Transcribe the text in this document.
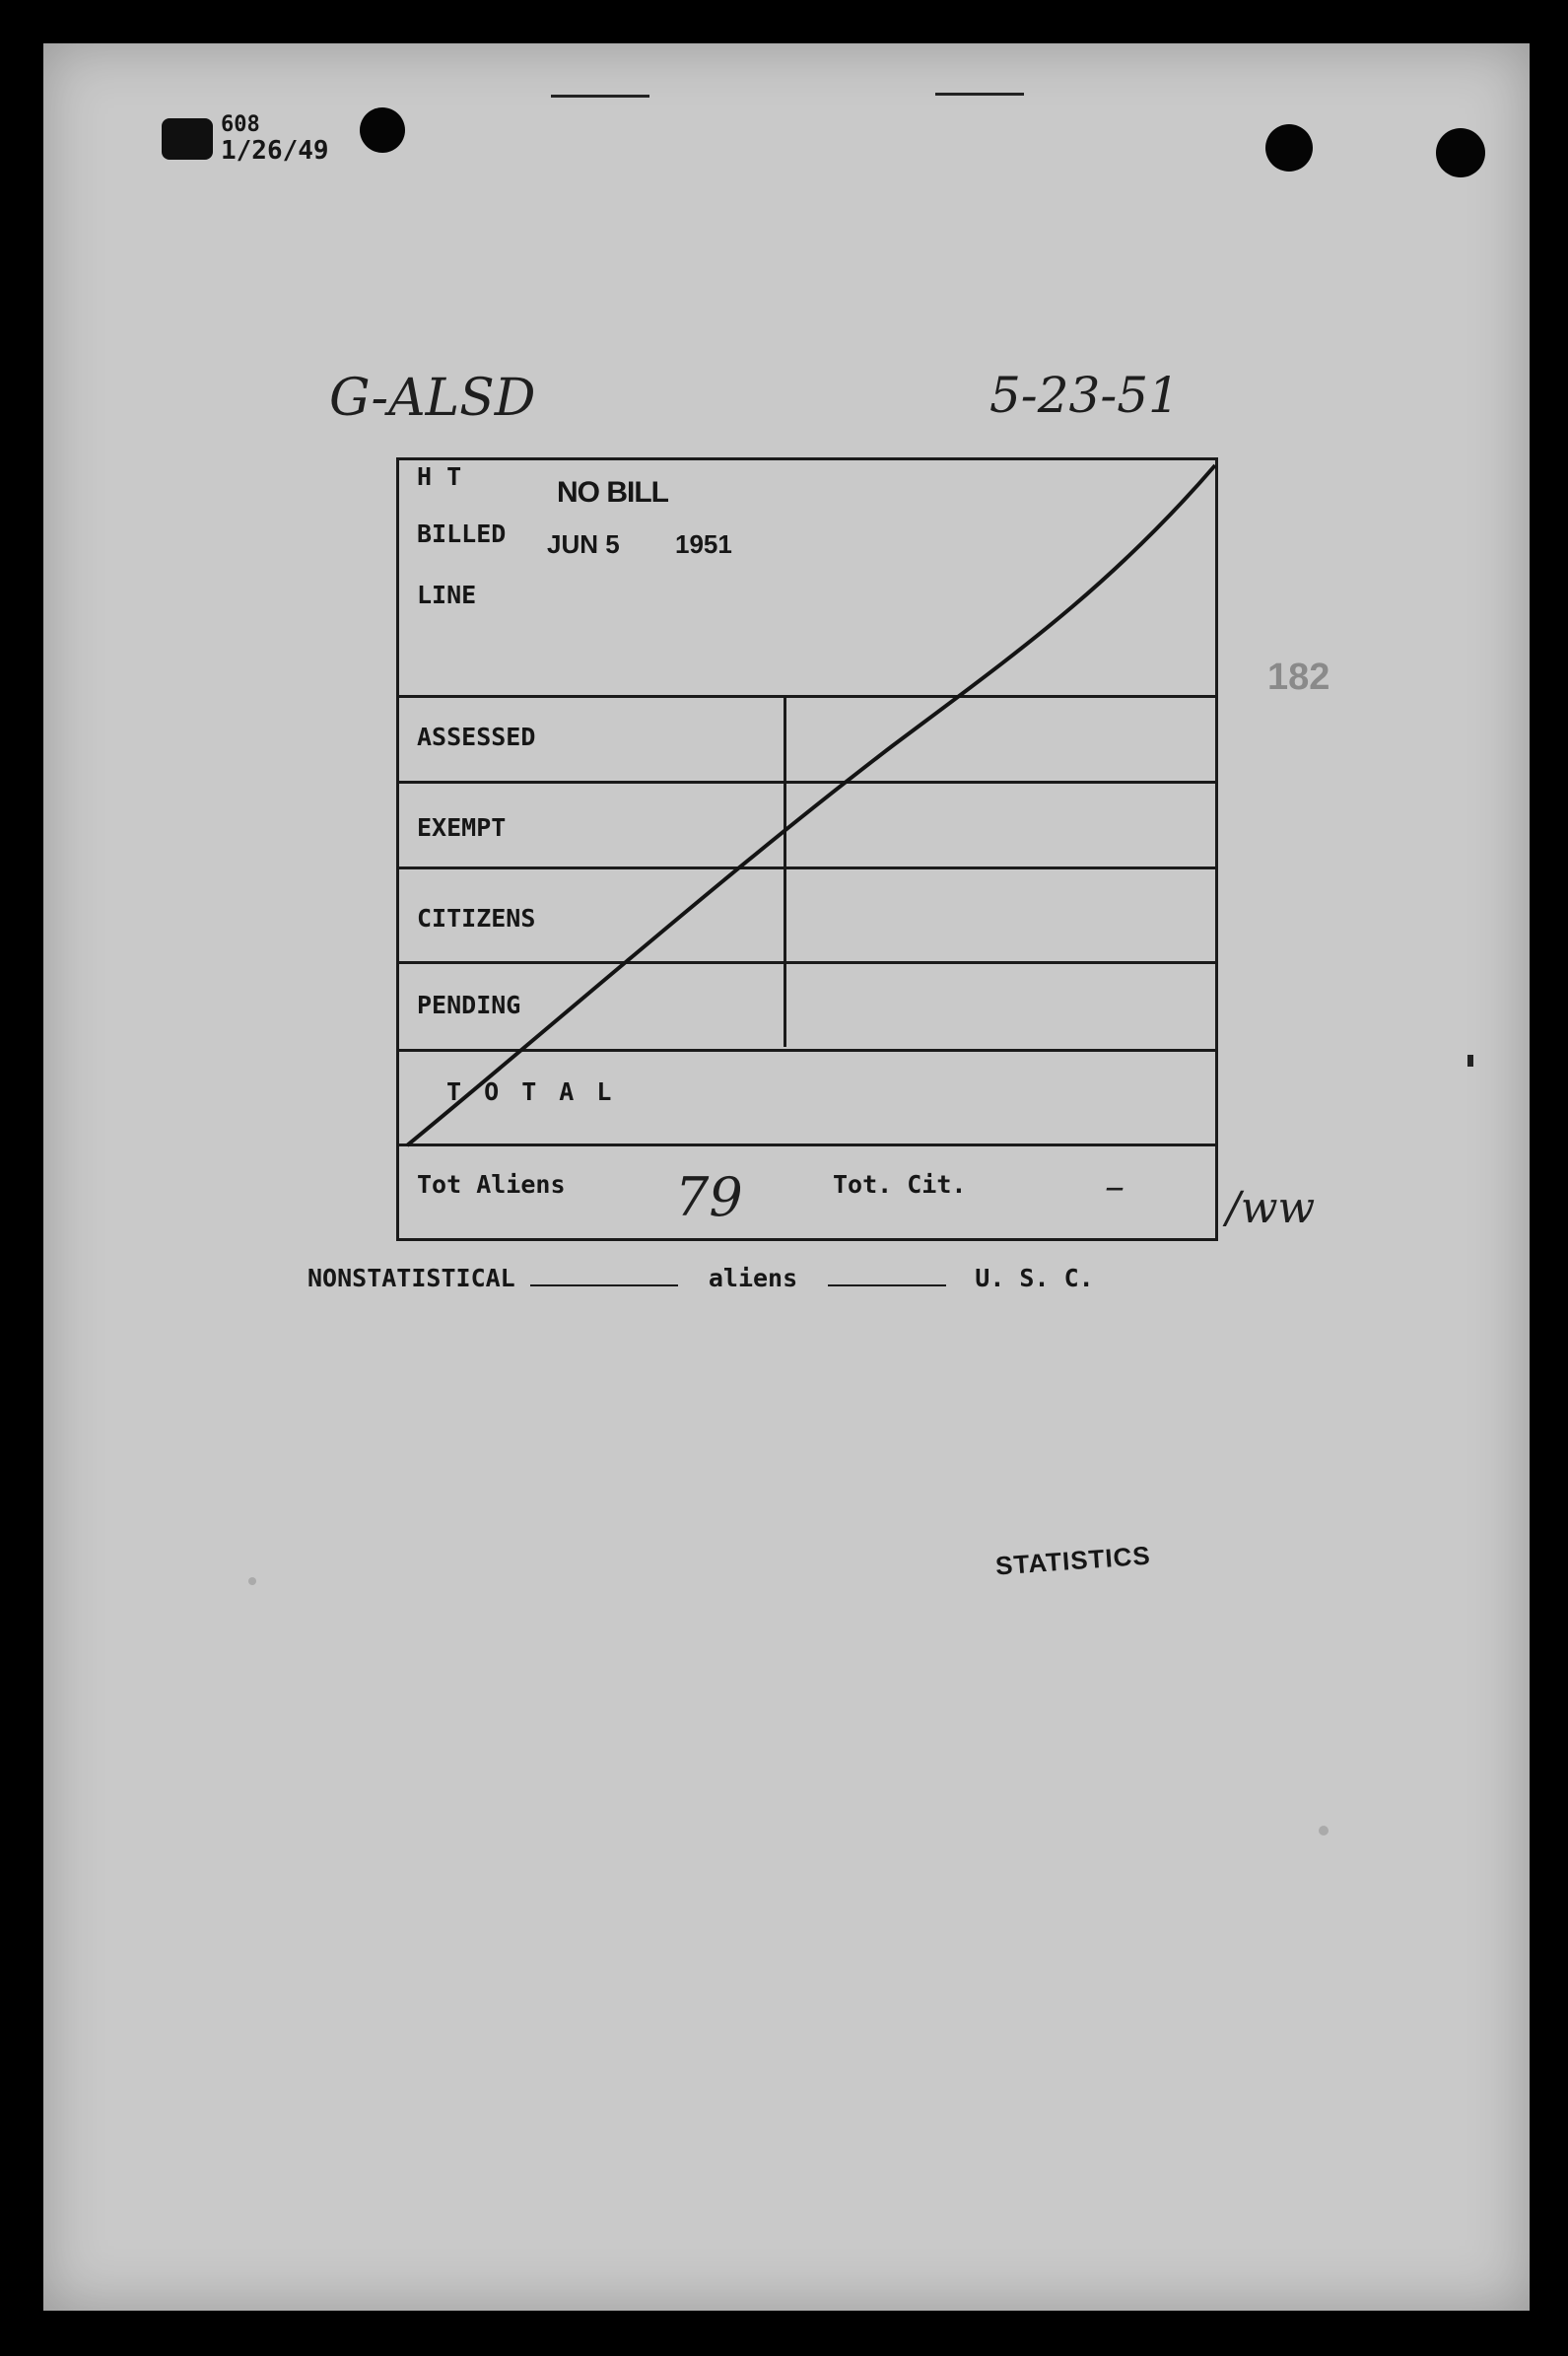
608
1/26/49
G-ALSD	5-23-51
182
H T	NO BILL
BILLED JUN 5 1951
LINE
ASSESSED
EXEMPT
CITIZENS
PENDING
T O T A L
Tot Aliens 79	Tot. Cit.	– /ww
NONSTATISTICAL	aliens	U. S. C.
STATISTICS
